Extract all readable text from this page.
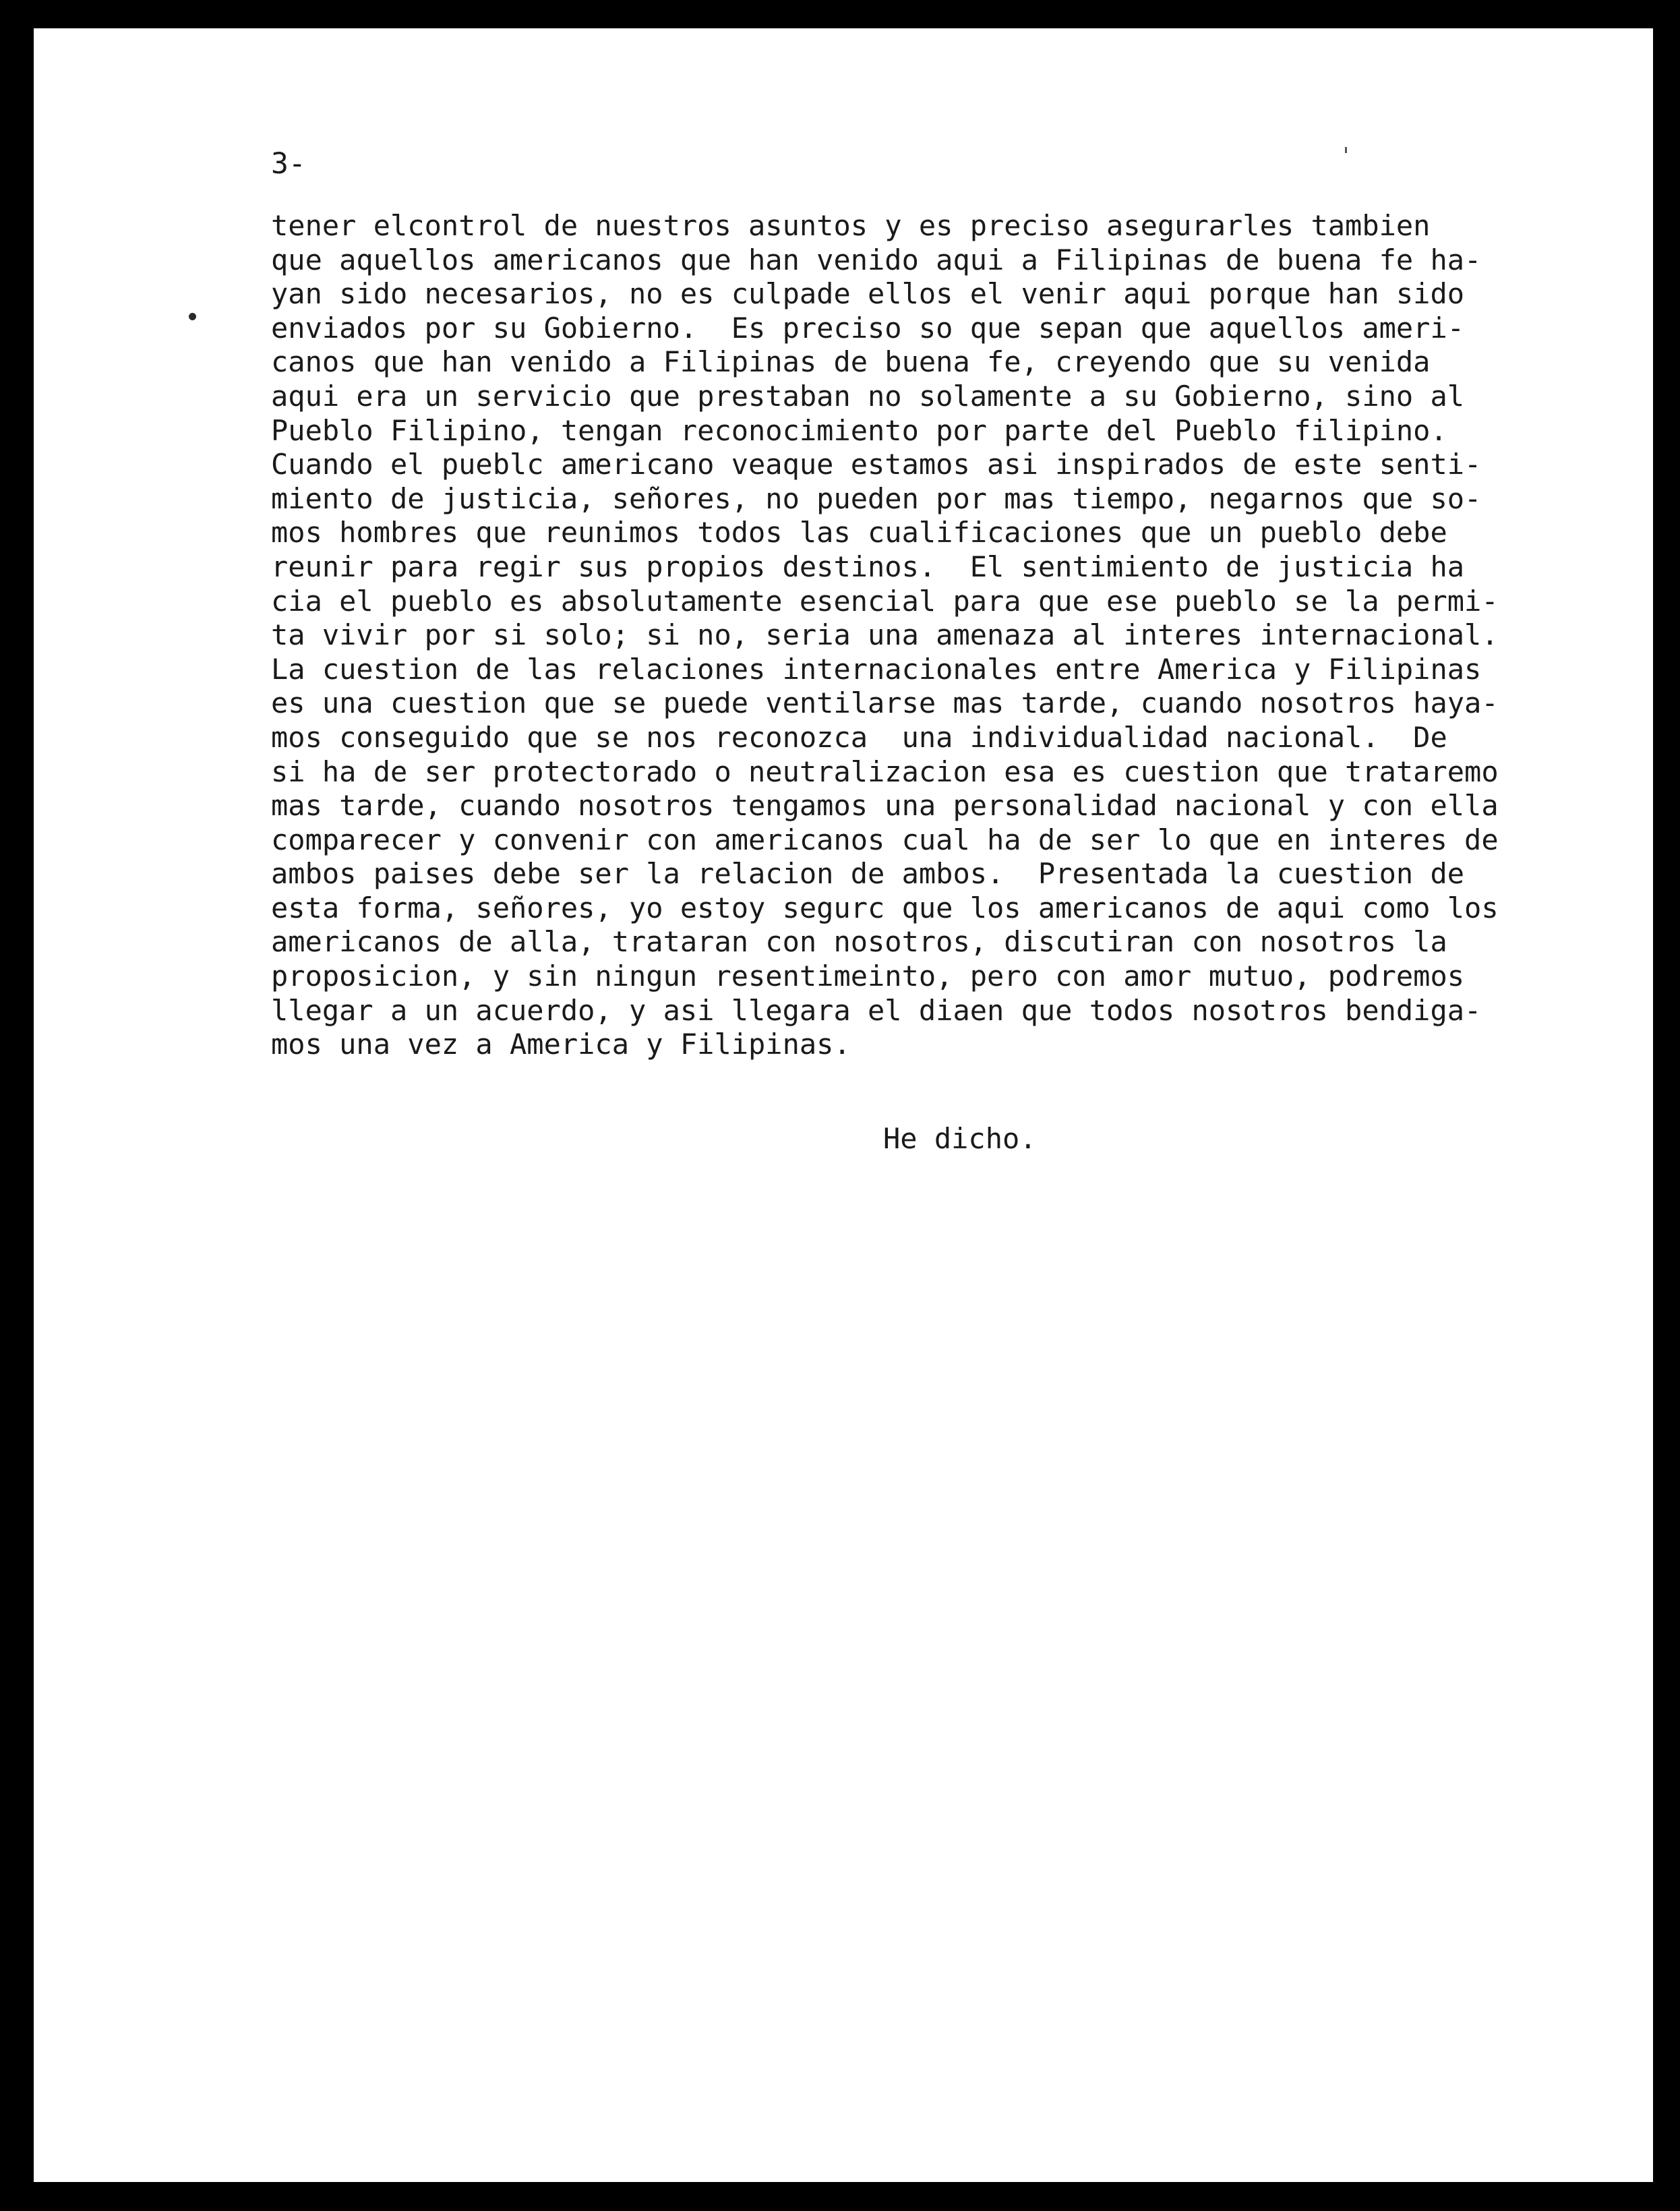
3-

tener elcontrol de nuestros asuntos y es preciso asegurarles tambien
que aquellos americanos que han venido aqui a Filipinas de buena fe ha-
yan sido necesarios, no es culpade ellos el venir aqui porque han sido
enviados por su Gobierno.  Es preciso so que sepan que aquellos ameri-
canos que han venido a Filipinas de buena fe, creyendo que su venida
aqui era un servicio que prestaban no solamente a su Gobierno, sino al
Pueblo Filipino, tengan reconocimiento por parte del Pueblo filipino.
Cuando el pueblc americano veaque estamos asi inspirados de este senti-
miento de justicia, señores, no pueden por mas tiempo, negarnos que so-
mos hombres que reunimos todos las cualificaciones que un pueblo debe
reunir para regir sus propios destinos.  El sentimiento de justicia ha
cia el pueblo es absolutamente esencial para que ese pueblo se la permi-
ta vivir por si solo; si no, seria una amenaza al interes internacional.
La cuestion de las relaciones internacionales entre America y Filipinas
es una cuestion que se puede ventilarse mas tarde, cuando nosotros haya-
mos conseguido que se nos reconozca  una individualidad nacional.  De
si ha de ser protectorado o neutralizacion esa es cuestion que trataremo
mas tarde, cuando nosotros tengamos una personalidad nacional y con ella
comparecer y convenir con americanos cual ha de ser lo que en interes de
ambos paises debe ser la relacion de ambos.  Presentada la cuestion de
esta forma, señores, yo estoy segurc que los americanos de aqui como los
americanos de alla, trataran con nosotros, discutiran con nosotros la
proposicion, y sin ningun resentimeinto, pero con amor mutuo, podremos
llegar a un acuerdo, y asi llegara el diaen que todos nosotros bendiga-
mos una vez a America y Filipinas.

He dicho.
